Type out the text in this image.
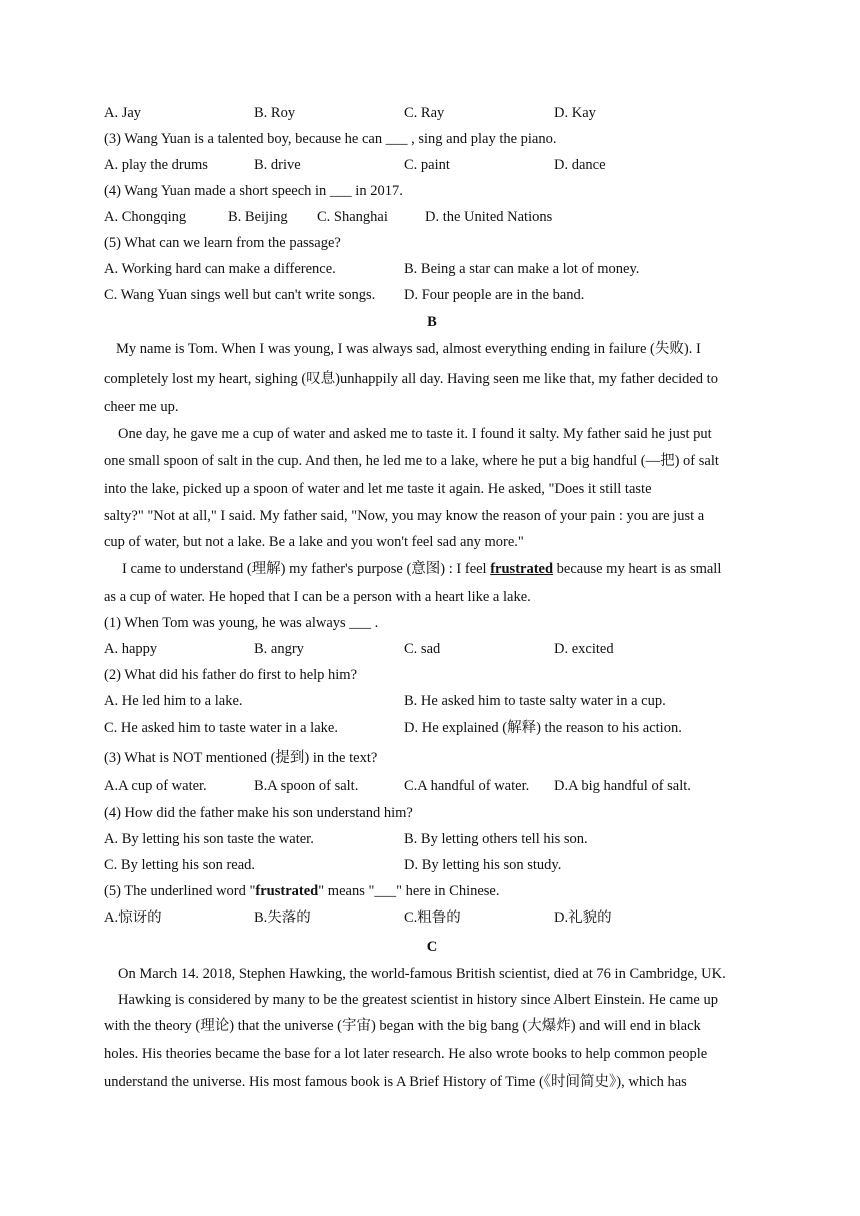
A. Jay	B. Roy	C. Ray	D. Kay
(3) Wang Yuan is a talented boy, because he can ___ , sing and play the piano.
A. play the drums	B. drive	C. paint	D. dance
(4) Wang Yuan made a short speech in ___ in 2017.
A. Chongqing	B. Beijing C. Shanghai	D. the United Nations
(5) What can we learn from the passage?
A. Working hard can make a difference.	B. Being a star can make a lot of money.
C. Wang Yuan sings well but can't write songs. D. Four people are in the band.
B
My name is Tom. When I was young, I was always sad, almost everything ending in failure (失败). I
completely lost my heart, sighing (叹息)unhappily all day. Having seen me like that, my father decided to
cheer me up.
One day, he gave me a cup of water and asked me to taste it. I found it salty. My father said he just put
one small spoon of salt in the cup. And then, he led me to a lake, where he put a big handful (—把) of salt
into the lake, picked up a spoon of water and let me taste it again. He asked, "Does it still taste
salty?" "Not at all," I said. My father said, "Now, you may know the reason of your pain : you are just a
cup of water, but not a lake. Be a lake and you won't feel sad any more."
I came to understand (理解) my father's purpose (意图) : I feel frustrated because my heart is as small
as a cup of water. He hoped that I can be a person with a heart like a lake.
(1) When Tom was young, he was always ___ .
A. happy	B. angry	C. sad	D. excited
(2) What did his father do first to help him?
A. He led him to a lake.	B. He asked him to taste salty water in a cup.
C. He asked him to taste water in a lake.	D. He explained (解释) the reason to his action.
(3) What is NOT mentioned (提到) in the text?
A.A cup of water.	B.A spoon of salt.	C.A handful of water. D.A big handful of salt.
(4) How did the father make his son understand him?
A. By letting his son taste the water.	B. By letting others tell his son.
C. By letting his son read.	D. By letting his son study.
(5) The underlined word "frustrated" means "___" here in Chinese.
A.惊讶的	B.失落的	C.粗鲁的	D.礼貌的
C
On March 14. 2018, Stephen Hawking, the world-famous British scientist, died at 76 in Cambridge, UK.
Hawking is considered by many to be the greatest scientist in history since Albert Einstein. He came up
with the theory (理论) that the universe (宇宙) began with the big bang (大爆炸) and will end in black
holes. His theories became the base for a lot later research. He also wrote books to help common people
understand the universe. His most famous book is A Brief History of Time (《时间简史》), which has
